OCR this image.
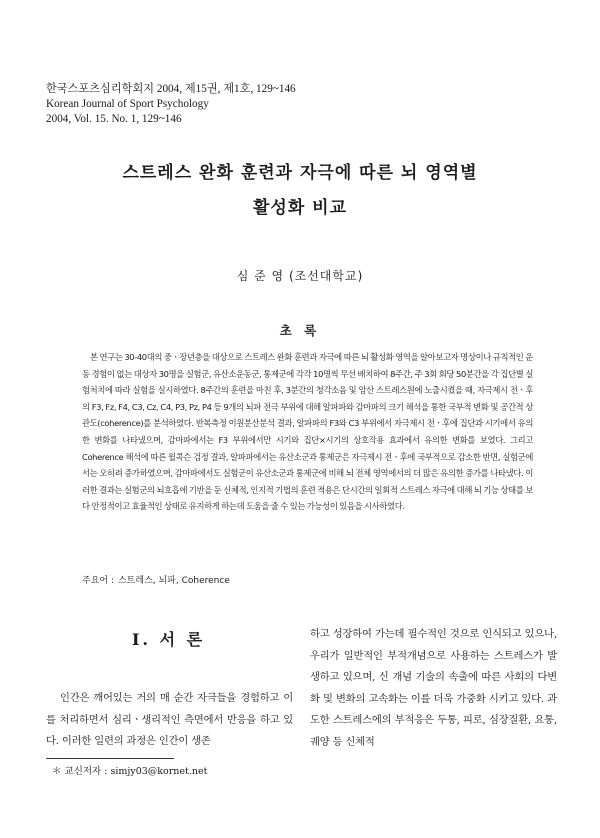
한국스포츠심리학회지 2004, 제15권, 제1호, 129~146
Korean Journal of Sport Psychology
2004, Vol. 15. No. 1, 129~146
스트레스 완화 훈련과 자극에 따른 뇌 영역별
활성화 비교
심 준 영 (조선대학교)
초 록
본 연구는 30-40대의 중ㆍ장년층을 대상으로 스트레스 완화 훈련과 자극에 따른 뇌 활성화 영역을 알아보고자 명상이나 규칙적인 운동 경험이 없는 대상자 30명을 실험군, 유산소운동군, 통제군에 각각 10명씩 무선 배치하여 8주간, 주 3회 회당 50분간을 각 집단별 실험처치에 따라 실험을 실시하였다. 8주간의 훈련을 마친 후, 3분간의 청각소음 및 암산 스트레스원에 노출시켰을 때, 자극제시 전ㆍ후의 F3, Fz, F4, C3, Cz, C4, P3, Pz, P4 등 9개의 뇌파 전극 부위에 대해 알파파와 감마파의 크기 해석을 통한 국부적 변화 및 공간적 상관도(coherence)를 분석하였다. 반복측정 이원분산분석 결과, 알파파의 F3와 C3 부위에서 자극제시 전ㆍ후에 집단과 시기에서 유의한 변화를 나타냈으며, 감마파에서는 F3 부위에서만 시기와 집단×시기의 상호작용 효과에서 유의한 변화를 보였다. 그리고 Coherence 해석에 따른 윌콕슨 검정 결과, 알파파에서는 유산소군과 통제군은 자극제시 전ㆍ후에 국부적으로 감소한 반면, 실험군에서는 오히려 증가하였으며, 감마파에서도 실험군이 유산소군과 통제군에 비해 뇌 전체 영역에서의 더 많은 유의한 증가를 나타냈다. 이러한 결과는 실험군의 뇌호흡에 기반을 둔 신체적, 인지적 기법의 훈련 적용은 단시간의 일회적 스트레스 자극에 대해 뇌 기능 상태를 보다 안정적이고 효율적인 상태로 유지하게 하는데 도움을 줄 수 있는 가능성이 있음을 시사하였다.
주요어 : 스트레스, 뇌파, Coherence
I. 서 론
인간은 깨어있는 거의 매 순간 자극들을 경험하고 이를 처리하면서 심리ㆍ생리적인 측면에서 반응을 하고 있다. 이러한 일련의 과정은 인간이 생존
하고 성장하여 가는데 필수적인 것으로 인식되고 있으나, 우리가 일반적인 부적개념으로 사용하는 스트레스가 발생하고 있으며, 신 개념 기술의 속출에 따른 사회의 다변화 및 변화의 고속화는 이를 더욱 가중화 시키고 있다. 과도한 스트레스에의 부적응은 두통, 피로, 심장질환, 요통, 궤양 등 신체적
＊ 교신저자 : simjy03@kornet.net
